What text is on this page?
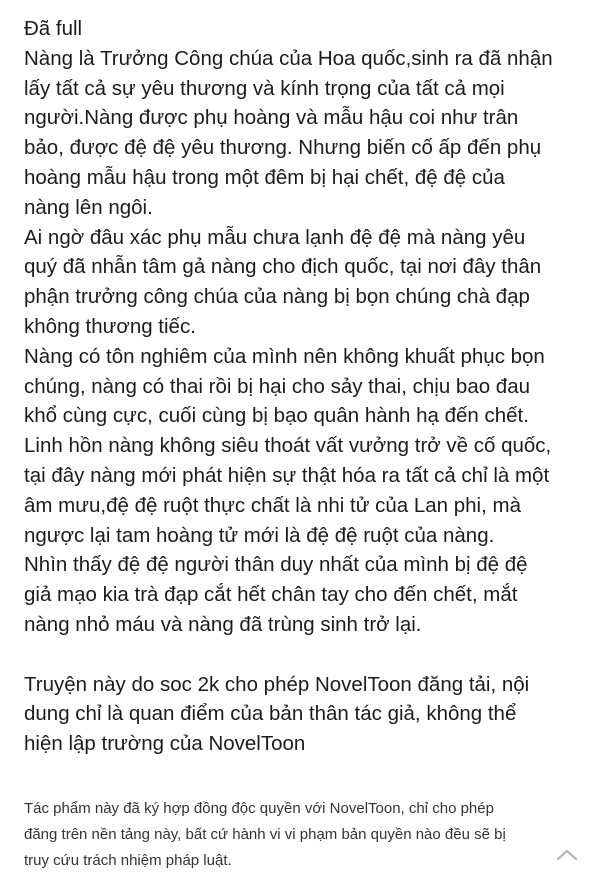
Đã full
Nàng là Trưởng Công chúa của Hoa quốc,sinh ra đã nhận
lấy tất cả sự yêu thương và kính trọng của tất cả mọi
người.Nàng được phụ hoàng và mẫu hậu coi như trân
bảo, được đệ đệ yêu thương. Nhưng biến cố ấp đến phụ
hoàng mẫu hậu trong một đêm bị hại chết, đệ đệ của
nàng lên ngôi.
Ai ngờ đâu xác phụ mẫu chưa lạnh đệ đệ mà nàng yêu
quý đã nhẫn tâm gả nàng cho địch quốc, tại nơi đây thân
phận trưởng công chúa của nàng bị bọn chúng chà đạp
không thương tiếc.
Nàng có tôn nghiêm của mình nên không khuất phục bọn
chúng, nàng có thai rồi bị hại cho sảy thai, chịu bao đau
khổ cùng cực, cuối cùng bị bạo quân hành hạ đến chết.
Linh hồn nàng không siêu thoát vất vưởng trở về cố quốc,
tại đây nàng mới phát hiện sự thật hóa ra tất cả chỉ là một
âm mưu,đệ đệ ruột thực chất là nhi tử của Lan phi, mà
ngược lại tam hoàng tử mới là đệ đệ ruột của nàng.
Nhìn thấy đệ đệ người thân duy nhất của mình bị đệ đệ
giả mạo kia trà đạp cắt hết chân tay cho đến chết, mắt
nàng nhỏ máu và nàng đã trùng sinh trở lại.
Truyện này do soc 2k cho phép NovelToon đăng tải, nội
dung chỉ là quan điểm của bản thân tác giả, không thể
hiện lập trường của NovelToon
Tác phẩm này đã ký hợp đồng độc quyền với NovelToon, chỉ cho phép
đăng trên nền tảng này, bất cứ hành vi vi phạm bản quyền nào đều sẽ bị
truy cứu trách nhiệm pháp luật.
